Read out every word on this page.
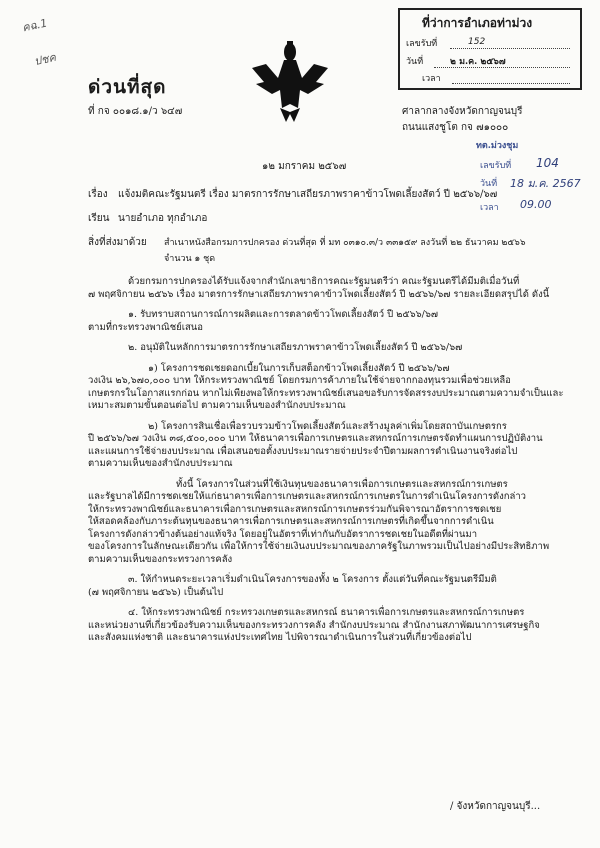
คฉ.1
ปชค
ด่วนที่สุด
ที่ กจ ๐๐๑๘.๑/ว ๖๔๗
ที่ว่าการอำเภอท่าม่วง
เลขรับที่	152
วันที่	๒ ม.ค. ๒๕๖๗
เวลา
ศาลากลางจังหวัดกาญจนบุรี
ถนนแสงชูโต กจ ๗๑๐๐๐
ทต.ม่วงชุม
เลขรับที่ 104
วันที่ 18 ม.ค. 2567
เวลา 09.00
๑๒ มกราคม ๒๕๖๗
เรื่อง แจ้งมติคณะรัฐมนตรี เรื่อง มาตรการรักษาเสถียรภาพราคาข้าวโพดเลี้ยงสัตว์ ปี ๒๕๖๖/๖๗
เรียน นายอำเภอ ทุกอำเภอ
สิ่งที่ส่งมาด้วย สำเนาหนังสือกรมการปกครอง ด่วนที่สุด ที่ มท ๐๓๑๐.๓/ว ๓๓๑๕๙ ลงวันที่ ๒๒ ธันวาคม ๒๕๖๖
จำนวน ๑ ชุด
ด้วยกรมการปกครองได้รับแจ้งจากสำนักเลขาธิการคณะรัฐมนตรีว่า คณะรัฐมนตรีได้มีมติเมื่อวันที่
๗ พฤศจิกายน ๒๕๖๖ เรื่อง มาตรการรักษาเสถียรภาพราคาข้าวโพดเลี้ยงสัตว์ ปี ๒๕๖๖/๖๗ รายละเอียดสรุปได้ ดังนี้
๑. รับทราบสถานการณ์การผลิตและการตลาดข้าวโพดเลี้ยงสัตว์ ปี ๒๕๖๖/๖๗
ตามที่กระทรวงพาณิชย์เสนอ
๒. อนุมัติในหลักการมาตรการรักษาเสถียรภาพราคาข้าวโพดเลี้ยงสัตว์ ปี ๒๕๖๖/๖๗
๑) โครงการชดเชยดอกเบี้ยในการเก็บสต็อกข้าวโพดเลี้ยงสัตว์ ปี ๒๕๖๖/๖๗
วงเงิน ๒๖,๖๗๐,๐๐๐ บาท ให้กระทรวงพาณิชย์ โดยกรมการค้าภายในใช้จ่ายจากกองทุนรวมเพื่อช่วยเหลือ
เกษตรกรในโอกาสแรกก่อน หากไม่เพียงพอให้กระทรวงพาณิชย์เสนอขอรับการจัดสรรงบประมาณตามความจำเป็นและ
เหมาะสมตามขั้นตอนต่อไป ตามความเห็นของสำนักงบประมาณ
๒) โครงการสินเชื่อเพื่อรวบรวมข้าวโพดเลี้ยงสัตว์และสร้างมูลค่าเพิ่มโดยสถาบันเกษตรกร
ปี ๒๕๖๖/๖๗ วงเงิน ๓๘,๕๐๐,๐๐๐ บาท ให้ธนาคารเพื่อการเกษตรและสหกรณ์การเกษตรจัดทำแผนการปฏิบัติงาน
และแผนการใช้จ่ายงบประมาณ เพื่อเสนอขอตั้งงบประมาณรายจ่ายประจำปีตามผลการดำเนินงานจริงต่อไป
ตามความเห็นของสำนักงบประมาณ
ทั้งนี้ โครงการในส่วนที่ใช้เงินทุนของธนาคารเพื่อการเกษตรและสหกรณ์การเกษตร
และรัฐบาลได้มีการชดเชยให้แก่ธนาคารเพื่อการเกษตรและสหกรณ์การเกษตรในการดำเนินโครงการดังกล่าว
ให้กระทรวงพาณิชย์และธนาคารเพื่อการเกษตรและสหกรณ์การเกษตรร่วมกันพิจารณาอัตราการชดเชย
ให้สอดคล้องกับภาระต้นทุนของธนาคารเพื่อการเกษตรและสหกรณ์การเกษตรที่เกิดขึ้นจากการดำเนิน
โครงการดังกล่าวข้างต้นอย่างแท้จริง โดยอยู่ในอัตราที่เท่ากันกับอัตราการชดเชยในอดีตที่ผ่านมา
ของโครงการในลักษณะเดียวกัน เพื่อให้การใช้จ่ายเงินงบประมาณของภาครัฐในภาพรวมเป็นไปอย่างมีประสิทธิภาพ
ตามความเห็นของกระทรวงการคลัง
๓. ให้กำหนดระยะเวลาเริ่มดำเนินโครงการของทั้ง ๒ โครงการ ตั้งแต่วันที่คณะรัฐมนตรีมีมติ
(๗ พฤศจิกายน ๒๕๖๖) เป็นต้นไป
๔. ให้กระทรวงพาณิชย์ กระทรวงเกษตรและสหกรณ์ ธนาคารเพื่อการเกษตรและสหกรณ์การเกษตร
และหน่วยงานที่เกี่ยวข้องรับความเห็นของกระทรวงการคลัง สำนักงบประมาณ สำนักงานสภาพัฒนาการเศรษฐกิจ
และสังคมแห่งชาติ และธนาคารแห่งประเทศไทย ไปพิจารณาดำเนินการในส่วนที่เกี่ยวข้องต่อไป
/ จังหวัดกาญจนบุรี...
